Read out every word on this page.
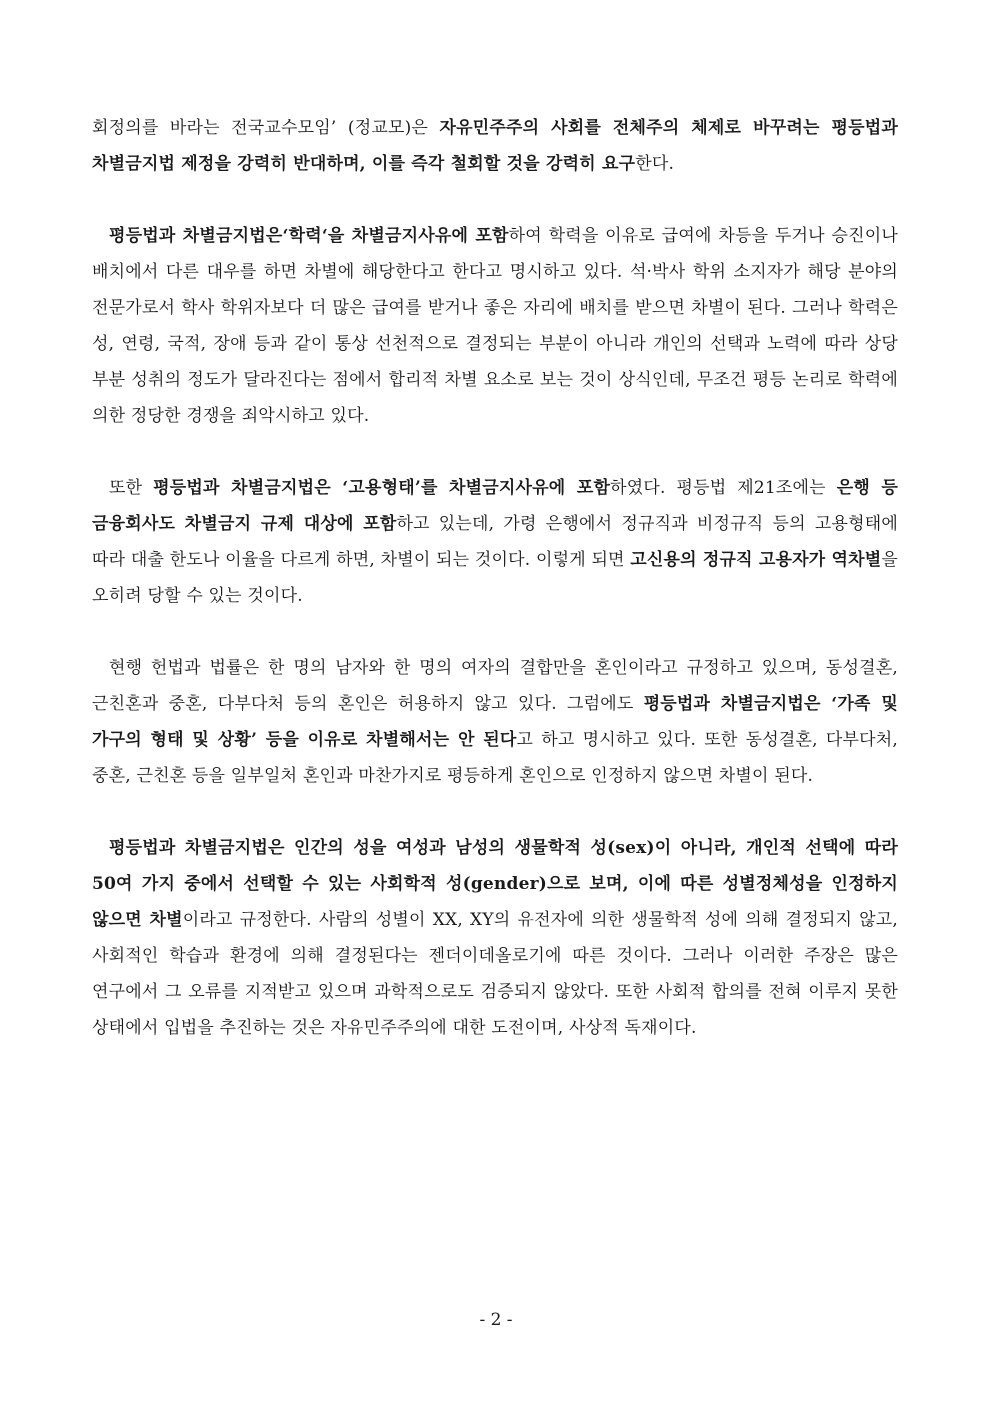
회정의를 바라는 전국교수모임’ (정교모)은 자유민주주의 사회를 전체주의 체제로 바꾸려는 평등법과 차별금지법 제정을 강력히 반대하며, 이를 즉각 철회할 것을 강력히 요구한다.

평등법과 차별금지법은‘학력‘을 차별금지사유에 포함하여 학력을 이유로 급여에 차등을 두거나 승진이나 배치에서 다른 대우를 하면 차별에 해당한다고 한다고 명시하고 있다. 석·박사 학위 소지자가 해당 분야의 전문가로서 학사 학위자보다 더 많은 급여를 받거나 좋은 자리에 배치를 받으면 차별이 된다. 그러나 학력은 성, 연령, 국적, 장애 등과 같이 통상 선천적으로 결정되는 부분이 아니라 개인의 선택과 노력에 따라 상당 부분 성취의 정도가 달라진다는 점에서 합리적 차별 요소로 보는 것이 상식인데, 무조건 평등 논리로 학력에 의한 정당한 경쟁을 죄악시하고 있다.

또한 평등법과 차별금지법은 ‘고용형태’를 차별금지사유에 포함하였다. 평등법 제21조에는 은행 등 금융회사도 차별금지 규제 대상에 포함하고 있는데, 가령 은행에서 정규직과 비정규직 등의 고용형태에 따라 대출 한도나 이율을 다르게 하면, 차별이 되는 것이다. 이렇게 되면 고신용의 정규직 고용자가 역차별을 오히려 당할 수 있는 것이다.

현행 헌법과 법률은 한 명의 남자와 한 명의 여자의 결합만을 혼인이라고 규정하고 있으며, 동성결혼, 근친혼과 중혼, 다부다처 등의 혼인은 허용하지 않고 있다. 그럼에도 평등법과 차별금지법은 ‘가족 및 가구의 형태 및 상황’ 등을 이유로 차별해서는 안 된다고 하고 명시하고 있다. 또한 동성결혼, 다부다처, 중혼, 근친혼 등을 일부일처 혼인과 마찬가지로 평등하게 혼인으로 인정하지 않으면 차별이 된다.

평등법과 차별금지법은 인간의 성을 여성과 남성의 생물학적 성(sex)이 아니라, 개인적 선택에 따라 50여 가지 중에서 선택할 수 있는 사회학적 성(gender)으로 보며, 이에 따른 성별정체성을 인정하지 않으면 차별이라고 규정한다. 사람의 성별이 XX, XY의 유전자에 의한 생물학적 성에 의해 결정되지 않고, 사회적인 학습과 환경에 의해 결정된다는 젠더이데올로기에 따른 것이다. 그러나 이러한 주장은 많은 연구에서 그 오류를 지적받고 있으며 과학적으로도 검증되지 않았다. 또한 사회적 합의를 전혀 이루지 못한 상태에서 입법을 추진하는 것은 자유민주주의에 대한 도전이며, 사상적 독재이다.

- 2 -
